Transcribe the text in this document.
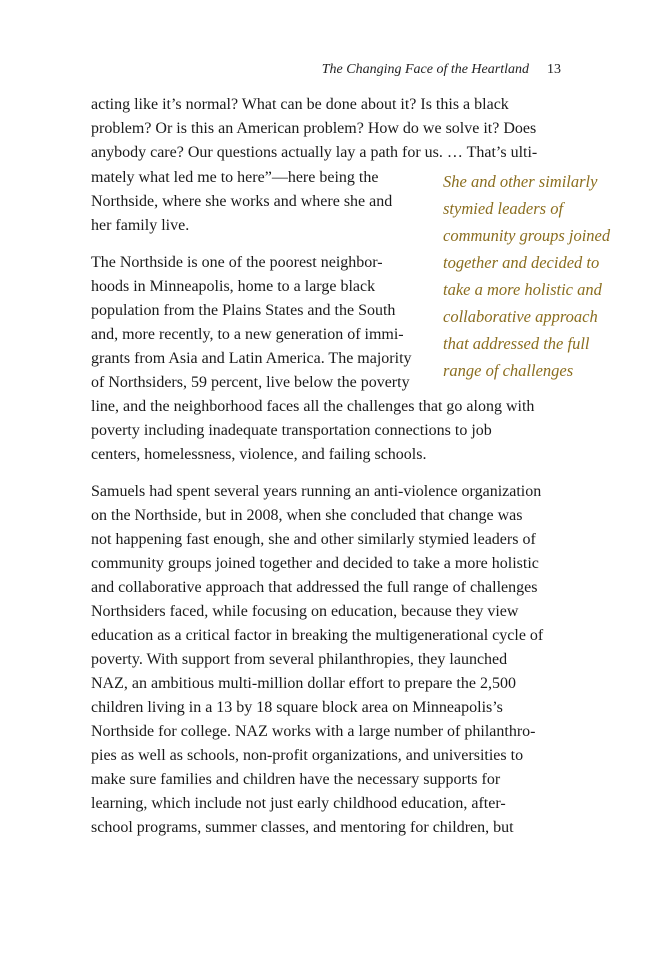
The Changing Face of the Heartland 13
acting like it’s normal? What can be done about it? Is this a black
problem? Or is this an American problem? How do we solve it? Does
anybody care? Our questions actually lay a path for us. … That’s ulti-
mately what led me to here”—here being the
Northside, where she works and where she and
her family live.
The Northside is one of the poorest neighbor-
hoods in Minneapolis, home to a large black
population from the Plains States and the South
and, more recently, to a new generation of immi-
grants from Asia and Latin America. The majority
of Northsiders, 59 percent, live below the poverty
line, and the neighborhood faces all the challenges that go along with
poverty including inadequate transportation connections to job
centers, homelessness, violence, and failing schools.
Samuels had spent several years running an anti-violence organization
on the Northside, but in 2008, when she concluded that change was
not happening fast enough, she and other similarly stymied leaders of
community groups joined together and decided to take a more holistic
and collaborative approach that addressed the full range of challenges
Northsiders faced, while focusing on education, because they view
education as a critical factor in breaking the multigenerational cycle of
poverty. With support from several philanthropies, they launched
NAZ, an ambitious multi-million dollar effort to prepare the 2,500
children living in a 13 by 18 square block area on Minneapolis’s
Northside for college. NAZ works with a large number of philanthro-
pies as well as schools, non-profit organizations, and universities to
make sure families and children have the necessary supports for
learning, which include not just early childhood education, after-
school programs, summer classes, and mentoring for children, but
She and other similarly
stymied leaders of
community groups joined
together and decided to
take a more holistic and
collaborative approach
that addressed the full
range of challenges
